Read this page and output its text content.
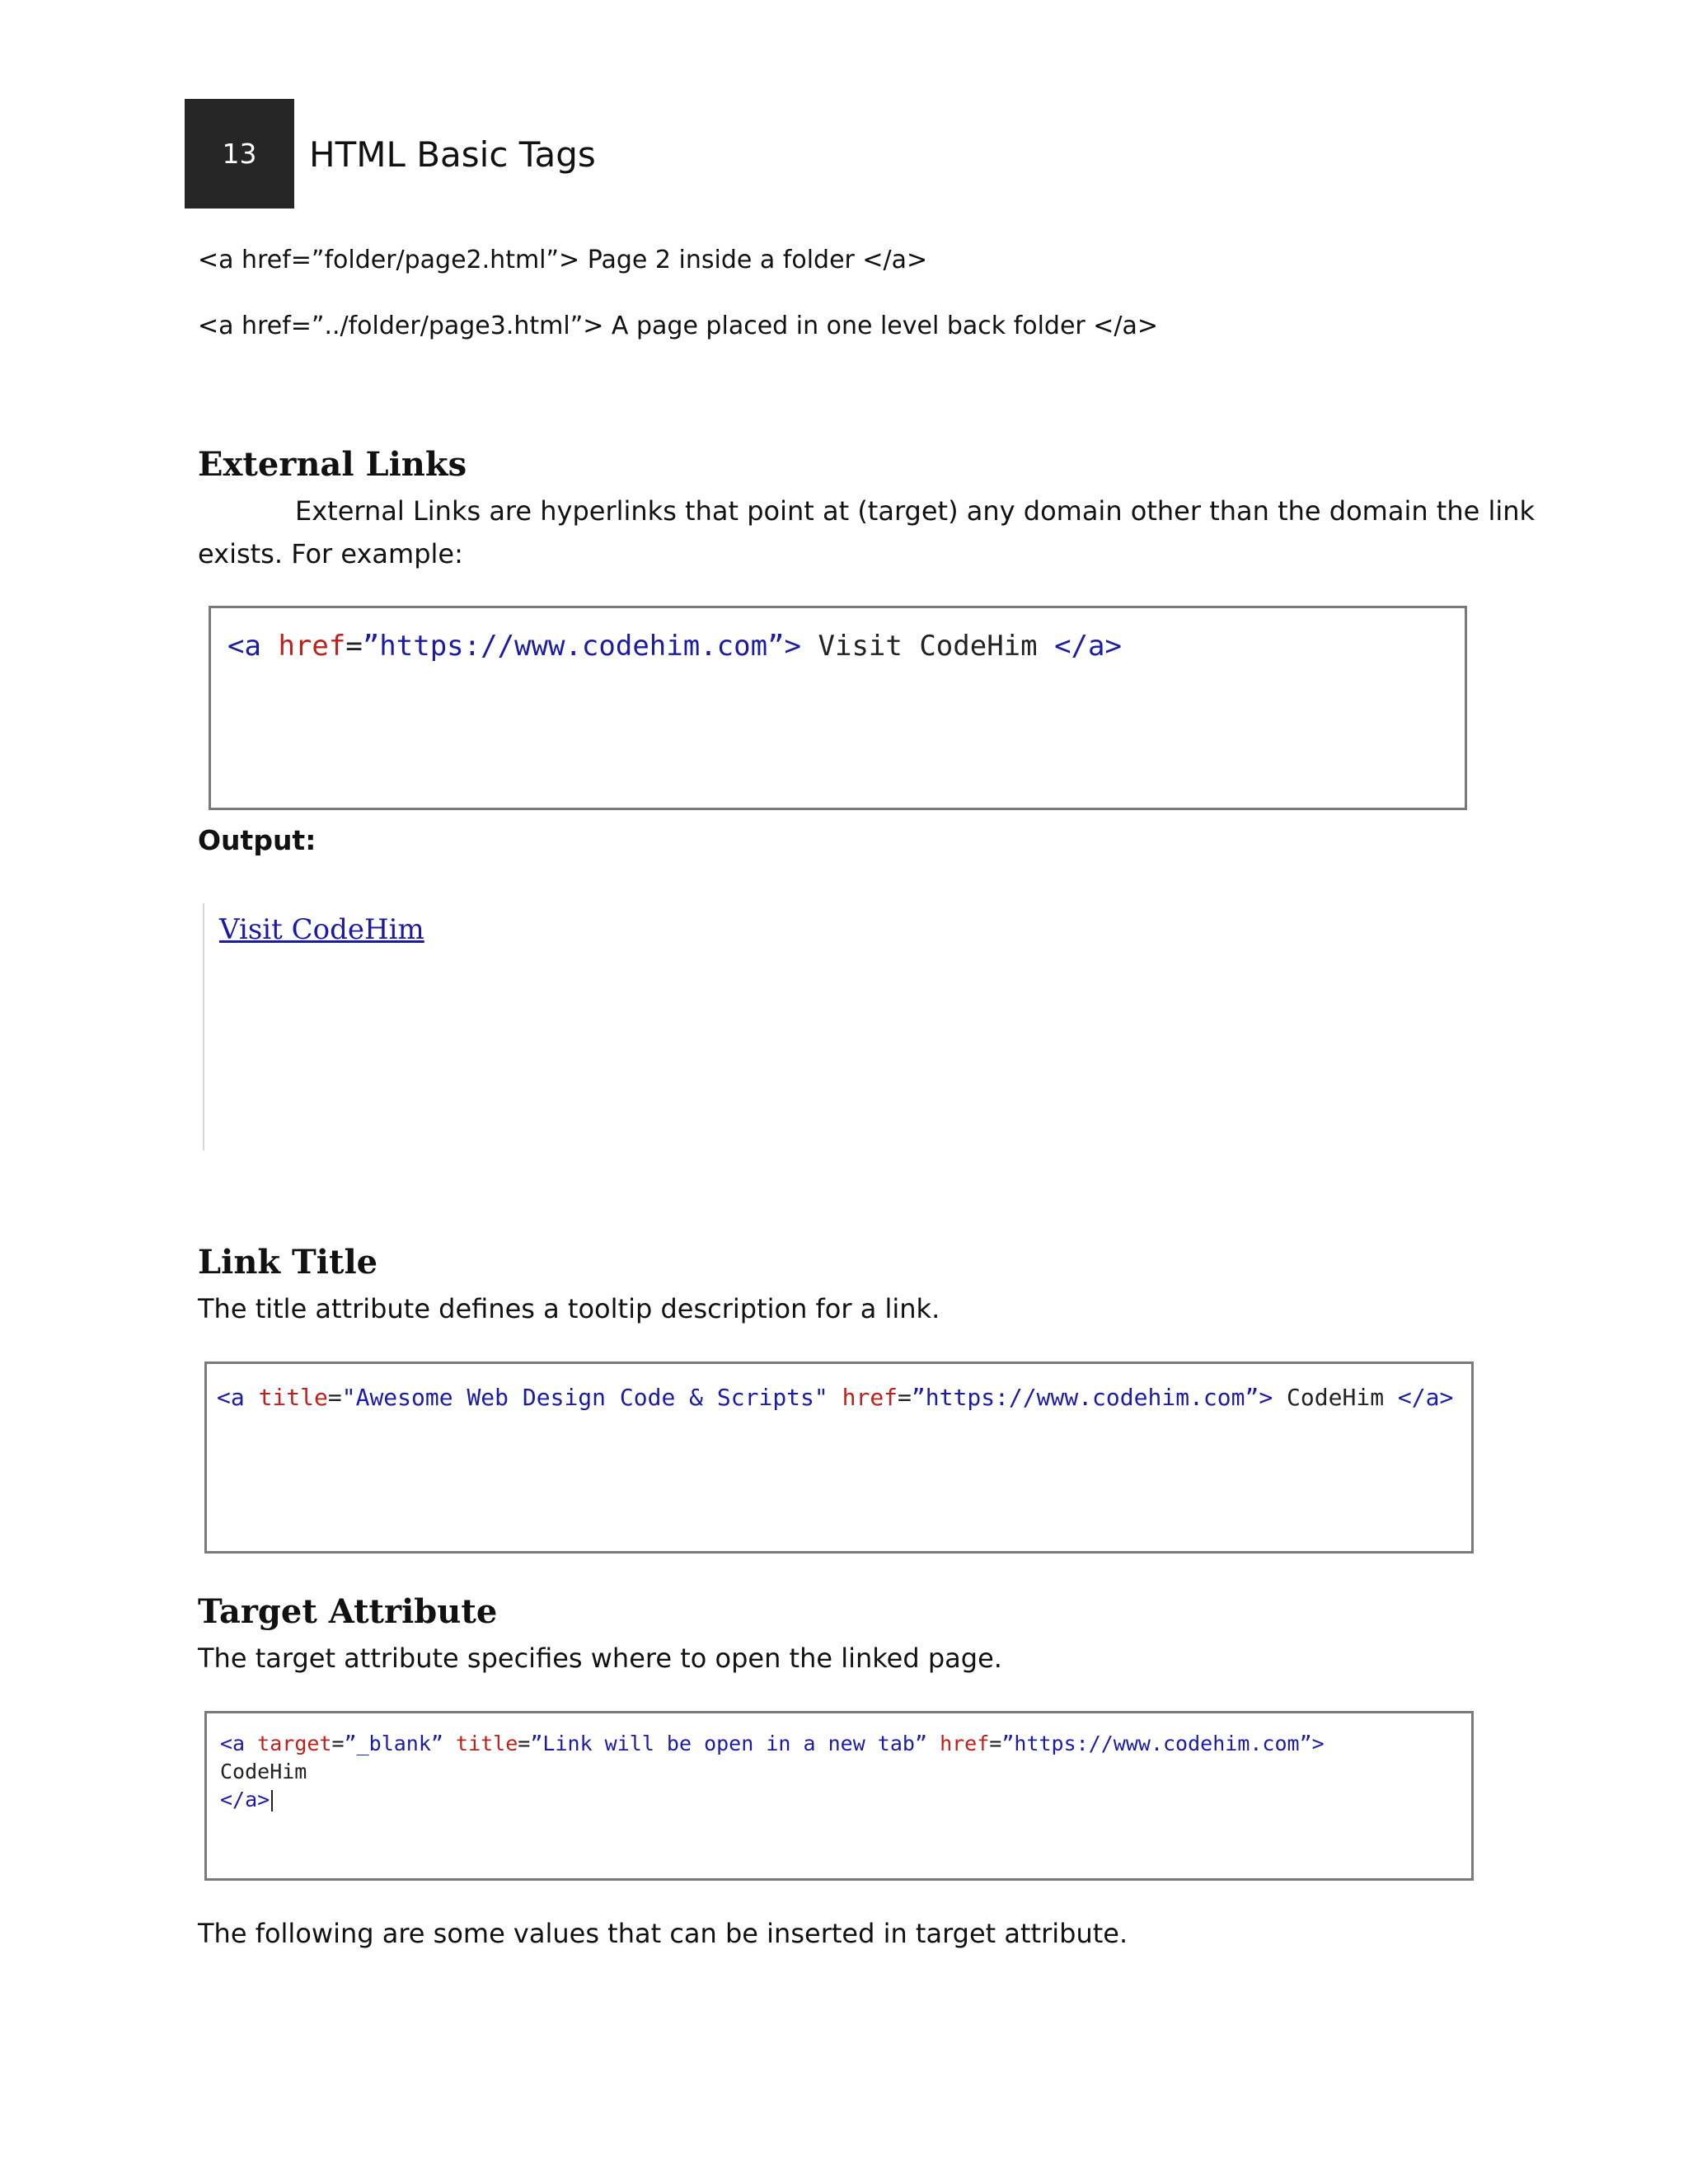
13 HTML Basic Tags
<a href=”folder/page2.html”> Page 2 inside a folder </a>
<a href=”../folder/page3.html”> A page placed in one level back folder </a>
External Links
External Links are hyperlinks that point at (target) any domain other than the domain the link
exists. For example:
<a href=”https://www.codehim.com”> Visit CodeHim </a>
Output:
Visit CodeHim
Link Title
The title attribute defines a tooltip description for a link.
<a title="Awesome Web Design Code & Scripts" href=”https://www.codehim.com”> CodeHim </a>
Target Attribute
The target attribute specifies where to open the linked page.
<a target=”_blank” title=”Link will be open in a new tab” href=”https://www.codehim.com”>
CodeHim
</a>
The following are some values that can be inserted in target attribute.
